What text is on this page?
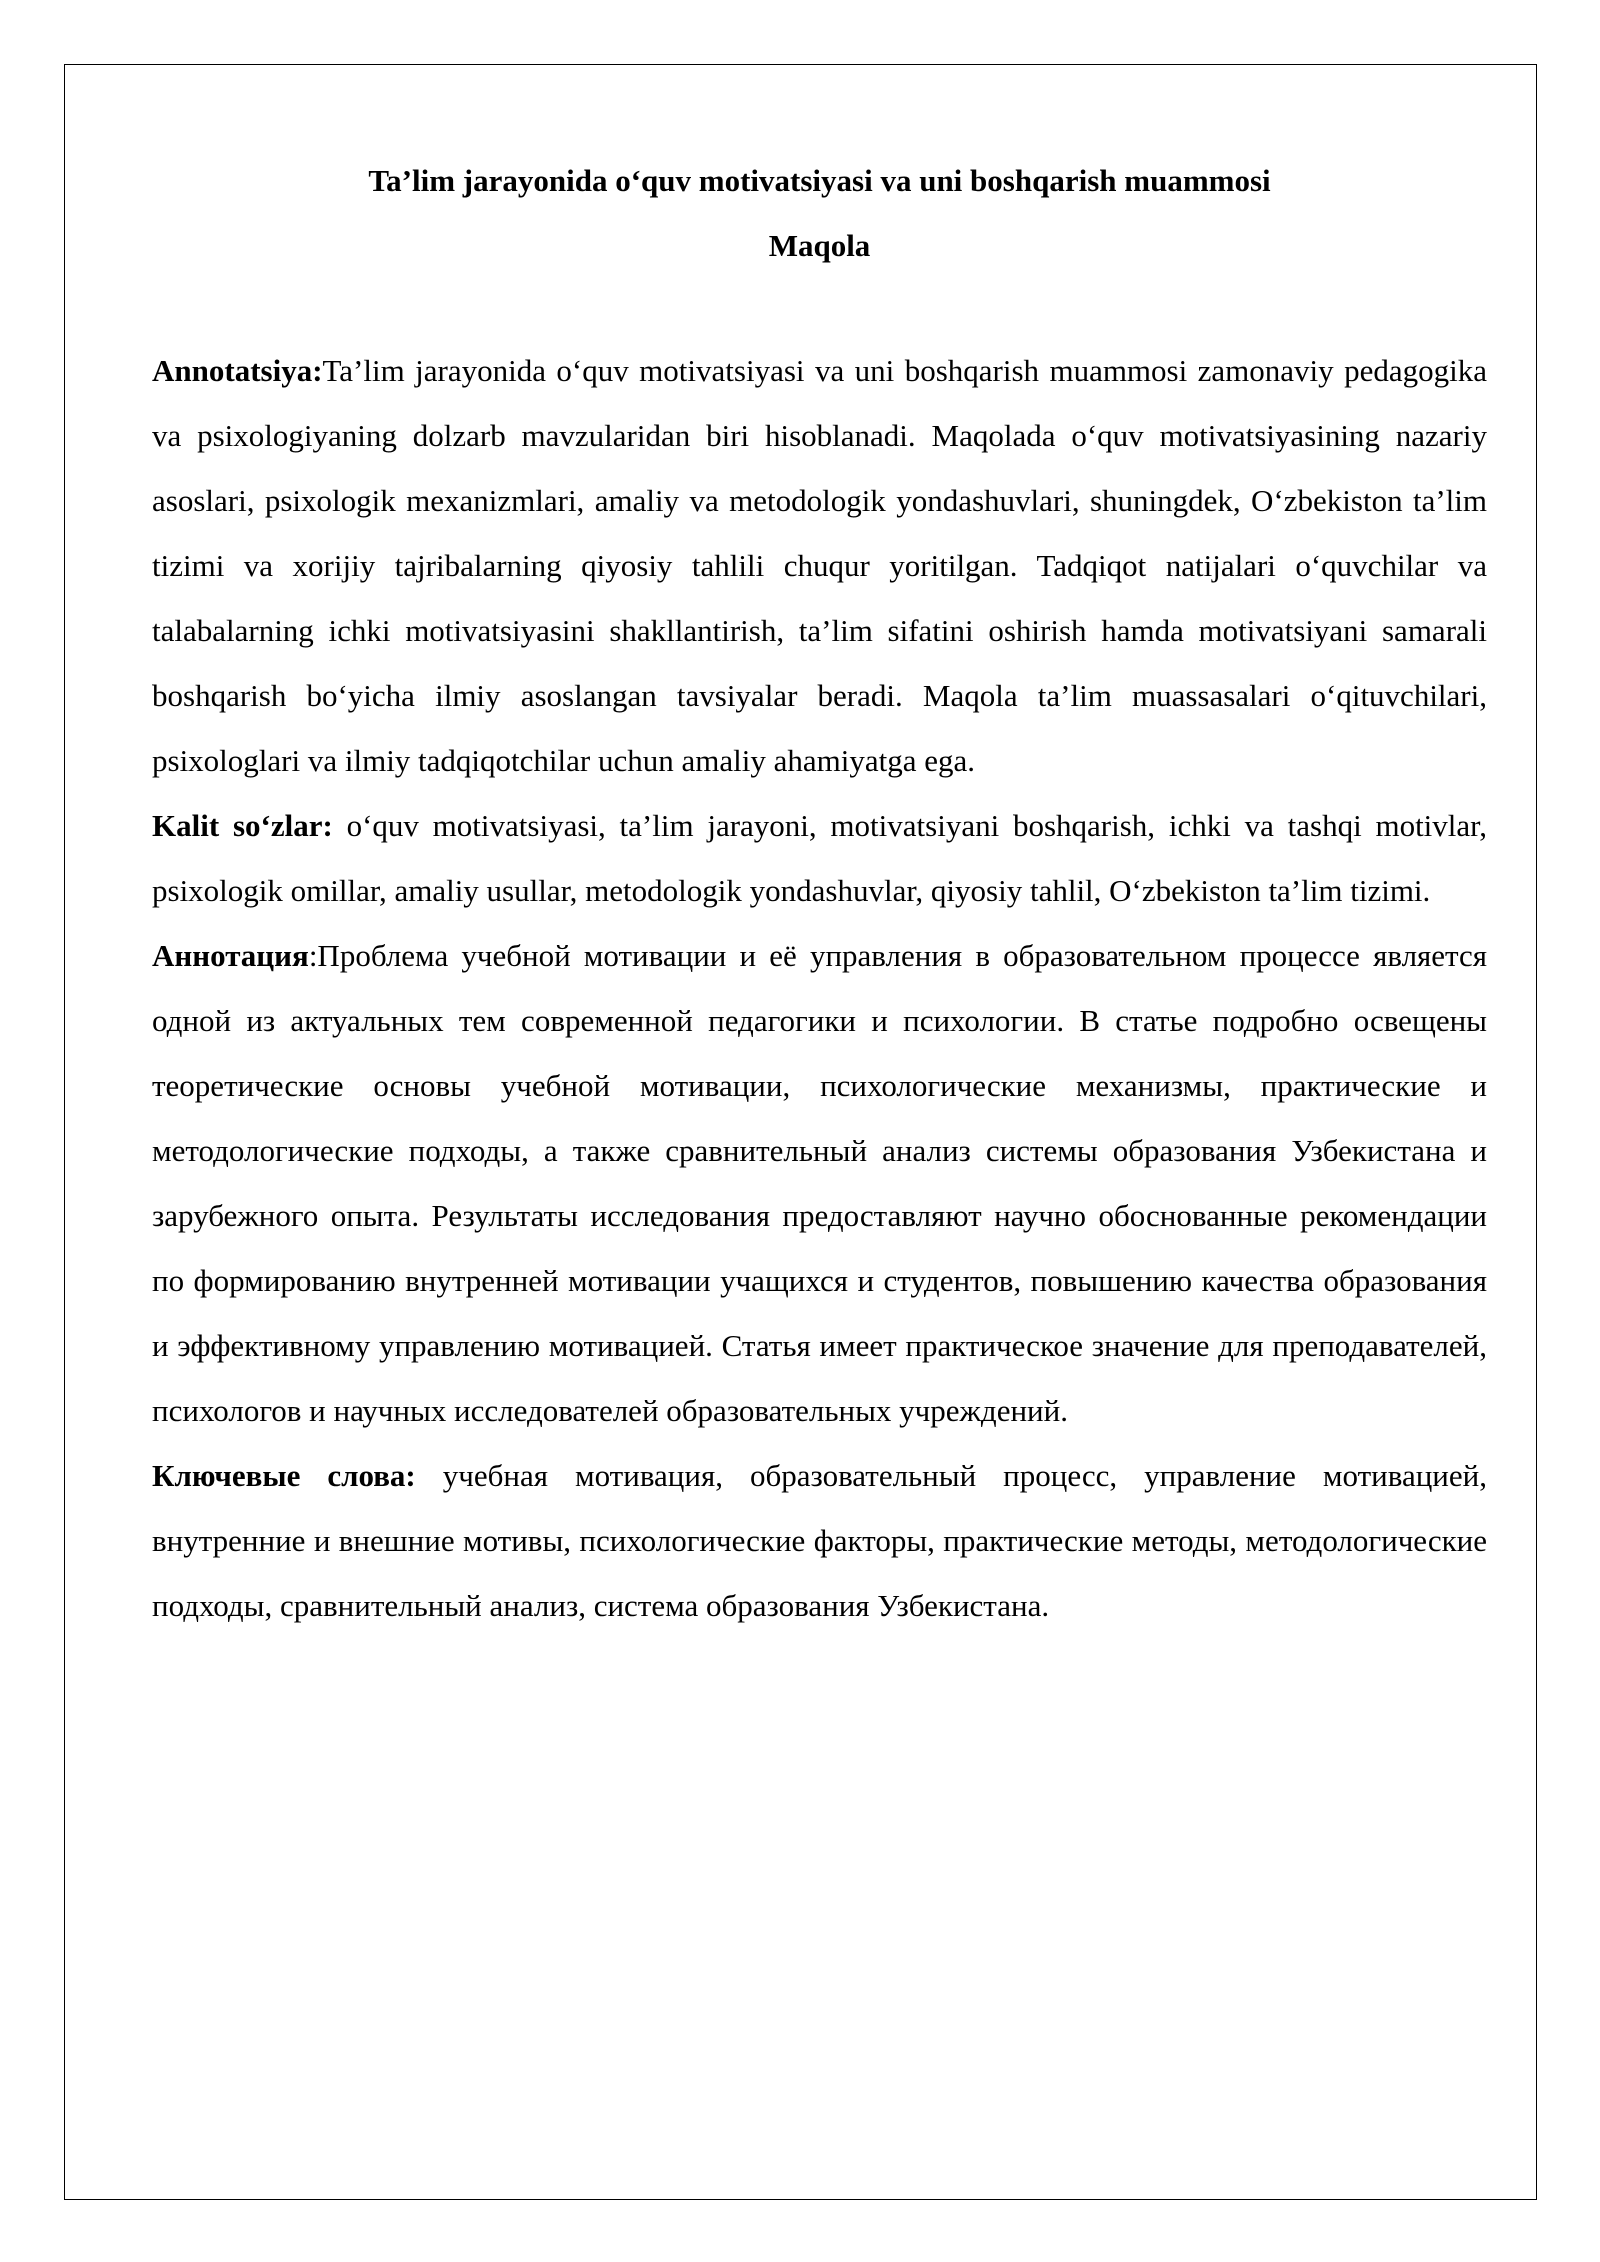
Ta’lim jarayonida o‘quv motivatsiyasi va uni boshqarish muammosi

Maqola

Annotatsiya:Ta’lim jarayonida o‘quv motivatsiyasi va uni boshqarish muammosi zamonaviy pedagogika va psixologiyaning dolzarb mavzularidan biri hisoblanadi. Maqolada o‘quv motivatsiyasining nazariy asoslari, psixologik mexanizmlari, amaliy va metodologik yondashuvlari, shuningdek, O‘zbekiston ta’lim tizimi va xorijiy tajribalarning qiyosiy tahlili chuqur yoritilgan. Tadqiqot natijalari o‘quvchilar va talabalarning ichki motivatsiyasini shakllantirish, ta’lim sifatini oshirish hamda motivatsiyani samarali boshqarish bo‘yicha ilmiy asoslangan tavsiyalar beradi. Maqola ta’lim muassasalari o‘qituvchilari, psixologlari va ilmiy tadqiqotchilar uchun amaliy ahamiyatga ega.

Kalit so‘zlar: o‘quv motivatsiyasi, ta’lim jarayoni, motivatsiyani boshqarish, ichki va tashqi motivlar, psixologik omillar, amaliy usullar, metodologik yondashuvlar, qiyosiy tahlil, O‘zbekiston ta’lim tizimi.

Аннотация:Проблема учебной мотивации и её управления в образовательном процессе является одной из актуальных тем современной педагогики и психологии. В статье подробно освещены теоретические основы учебной мотивации, психологические механизмы, практические и методологические подходы, а также сравнительный анализ системы образования Узбекистана и зарубежного опыта. Результаты исследования предоставляют научно обоснованные рекомендации по формированию внутренней мотивации учащихся и студентов, повышению качества образования и эффективному управлению мотивацией. Статья имеет практическое значение для преподавателей, психологов и научных исследователей образовательных учреждений.

Ключевые слова: учебная мотивация, образовательный процесс, управление мотивацией, внутренние и внешние мотивы, психологические факторы, практические методы, методологические подходы, сравнительный анализ, система образования Узбекистана.
